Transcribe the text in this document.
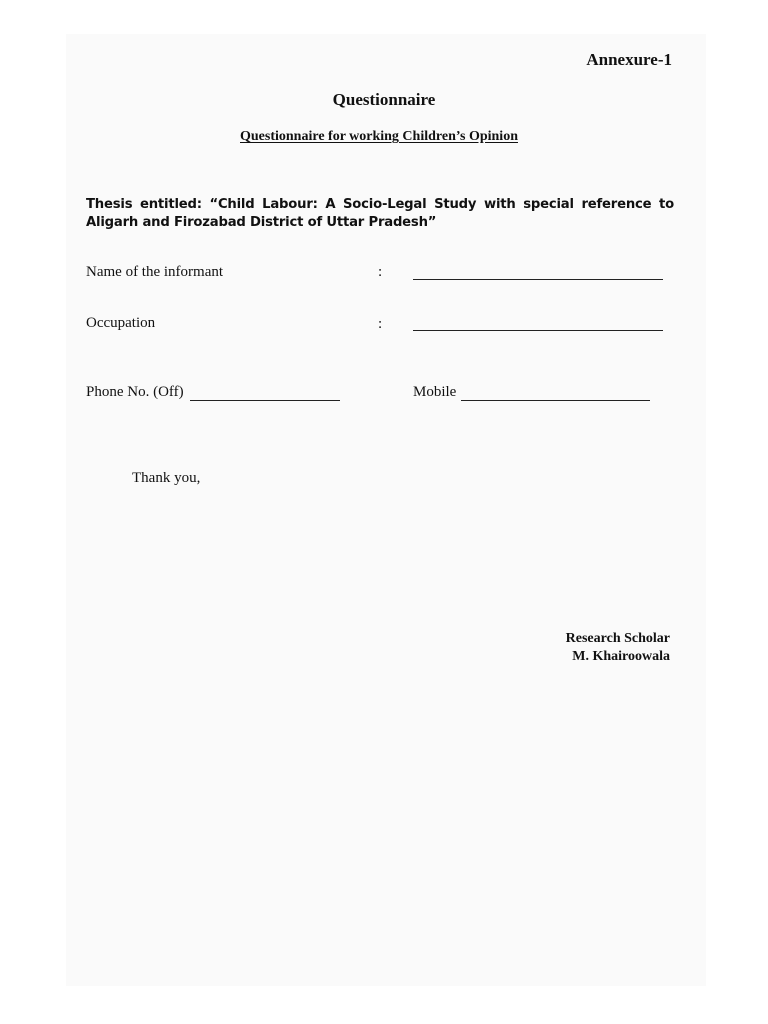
Annexure-1
Questionnaire
Questionnaire for working Children’s Opinion
Thesis entitled: “Child Labour: A Socio-Legal Study with special reference to Aligarh and Firozabad District of Uttar Pradesh”
Name of the informant	:
Occupation	:
Phone No. (Off)	Mobile
Thank you,
Research Scholar
M. Khairoowala
